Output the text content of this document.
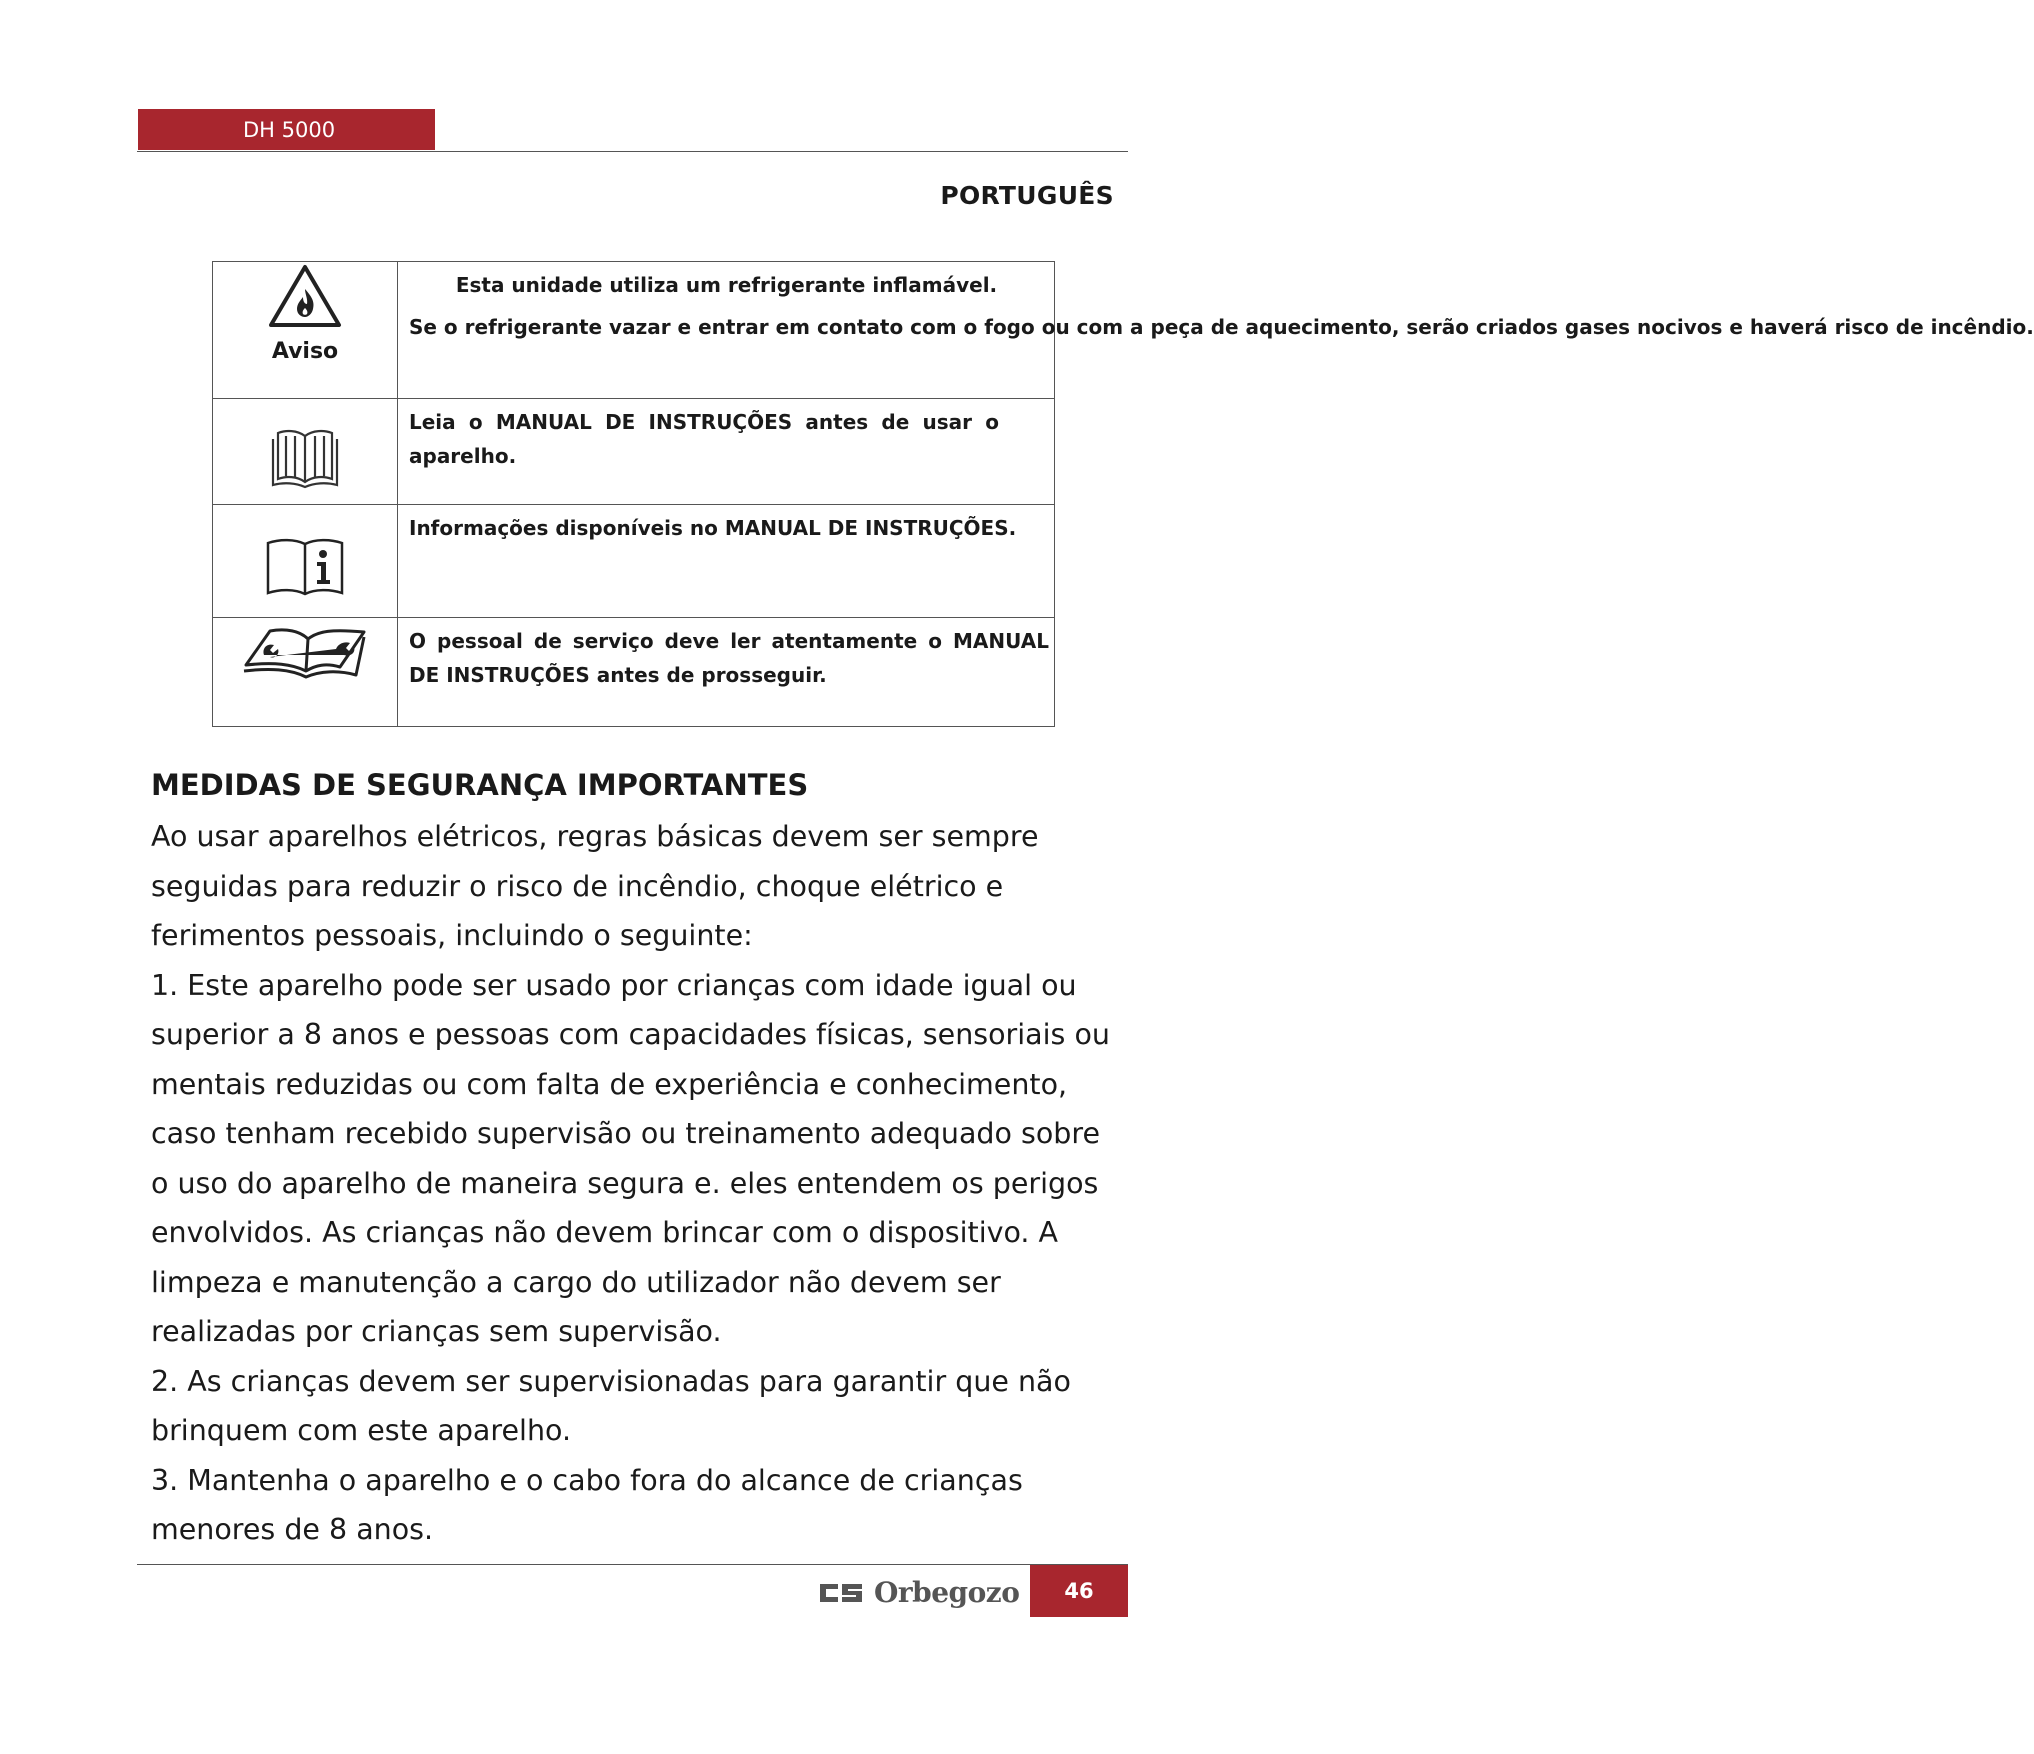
DH 5000
PORTUGUÊS
Aviso	Esta unidade utiliza um refrigerante inflamável.
Se o refrigerante vazar e entrar em contato com o fogo ou com a peça de aquecimento, serão criados gases nocivos e haverá risco de incêndio.

Leia o MANUAL DE INSTRUÇÕES antes de usar o
aparelho.

Informações disponíveis no MANUAL DE INSTRUÇÕES.

O pessoal de serviço deve ler atentamente o MANUAL
DE INSTRUÇÕES antes de prosseguir.
MEDIDAS DE SEGURANÇA IMPORTANTES

Ao usar aparelhos elétricos, regras básicas devem ser sempre seguidas para reduzir o risco de incêndio, choque elétrico e ferimentos pessoais, incluindo o seguinte:

1. Este aparelho pode ser usado por crianças com idade igual ou superior a 8 anos e pessoas com capacidades físicas, sensoriais ou mentais reduzidas ou com falta de experiência e conhecimento, caso tenham recebido supervisão ou treinamento adequado sobre o uso do aparelho de maneira segura e. eles entendem os perigos envolvidos. As crianças não devem brincar com o dispositivo. A limpeza e manutenção a cargo do utilizador não devem ser realizadas por crianças sem supervisão.

2. As crianças devem ser supervisionadas para garantir que não brinquem com este aparelho.

3. Mantenha o aparelho e o cabo fora do alcance de crianças menores de 8 anos.

Orbegozo	46
